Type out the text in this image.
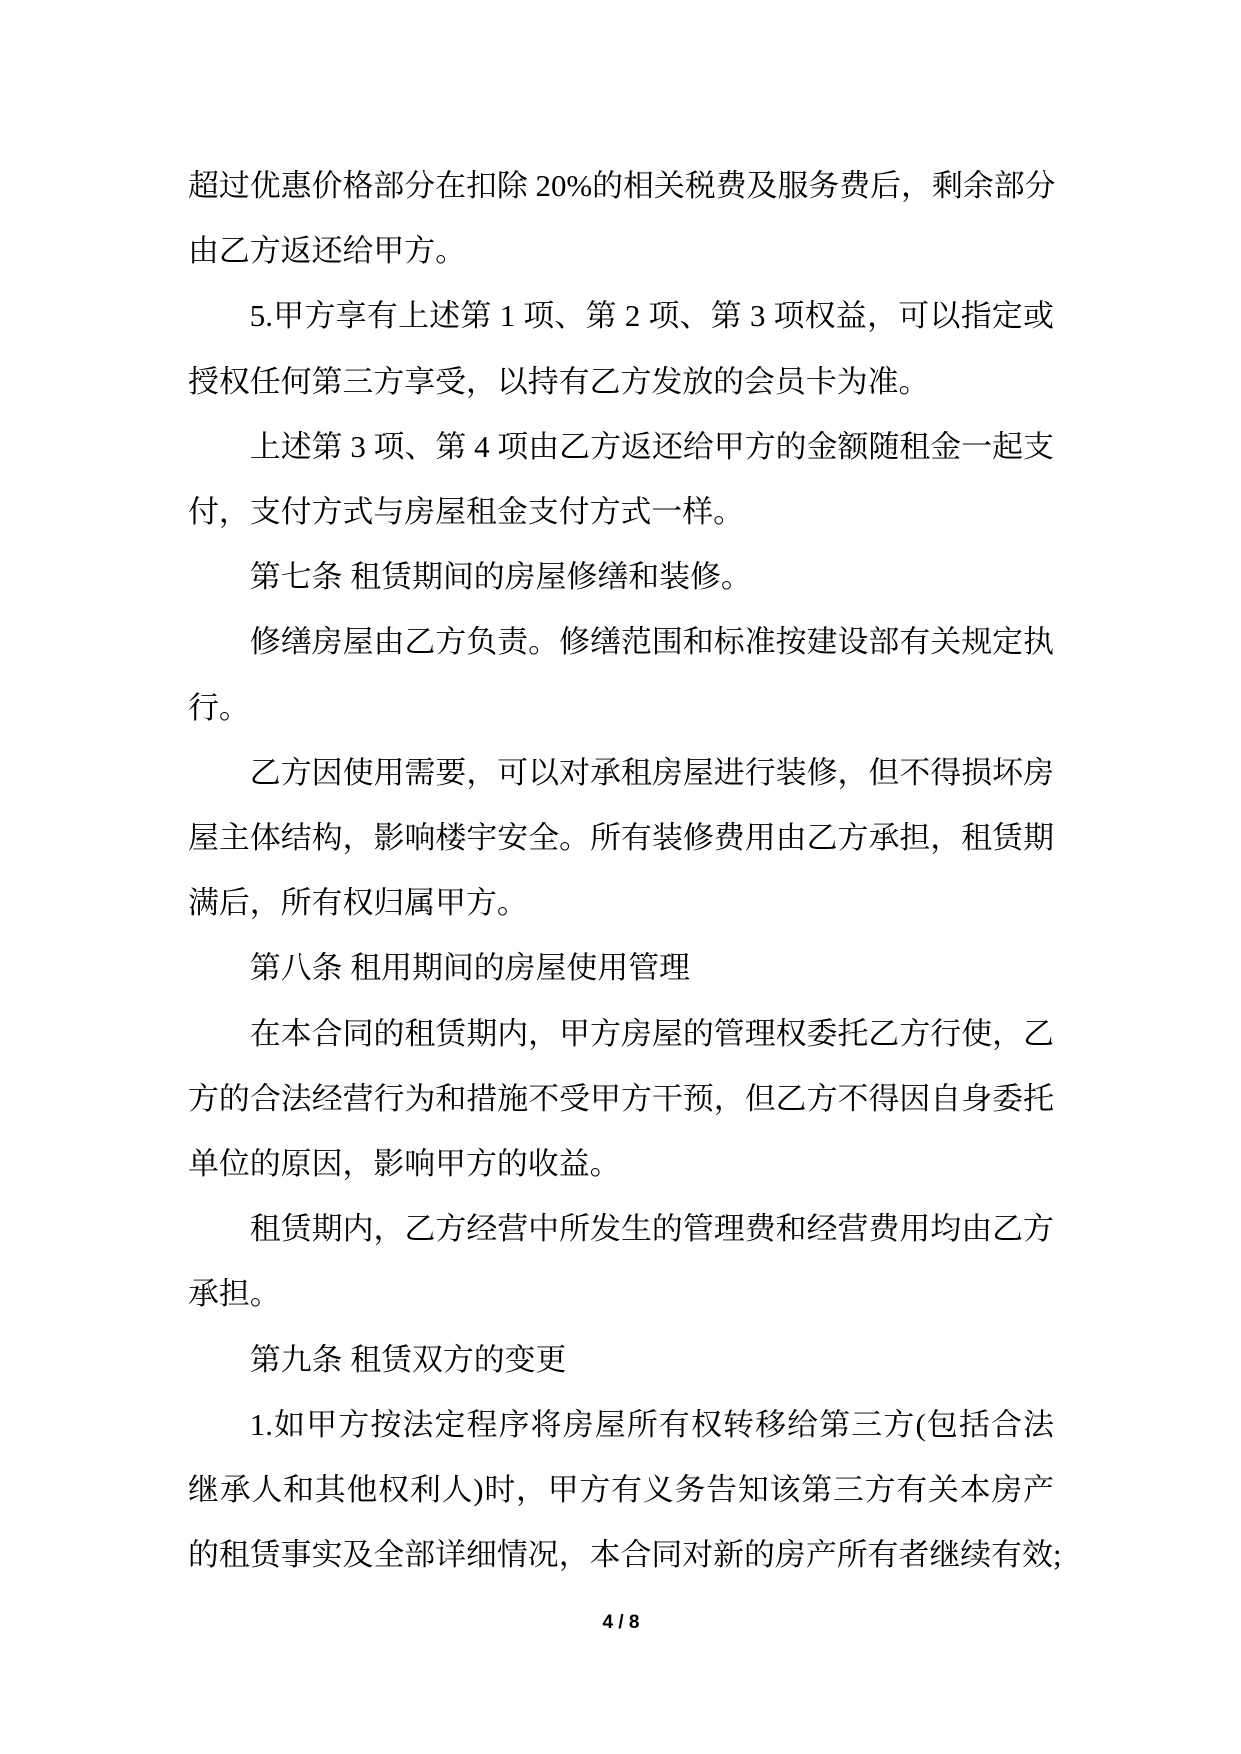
超过优惠价格部分在扣除 20%的相关税费及服务费后，剩余部分
由乙方返还给甲方。
5.甲方享有上述第 1 项、第 2 项、第 3 项权益，可以指定或
授权任何第三方享受，以持有乙方发放的会员卡为准。
上述第 3 项、第 4 项由乙方返还给甲方的金额随租金一起支
付，支付方式与房屋租金支付方式一样。
第七条 租赁期间的房屋修缮和装修。
修缮房屋由乙方负责。修缮范围和标准按建设部有关规定执
行。
乙方因使用需要，可以对承租房屋进行装修，但不得损坏房
屋主体结构，影响楼宇安全。所有装修费用由乙方承担，租赁期
满后，所有权归属甲方。
第八条 租用期间的房屋使用管理
在本合同的租赁期内，甲方房屋的管理权委托乙方行使，乙
方的合法经营行为和措施不受甲方干预，但乙方不得因自身委托
单位的原因，影响甲方的收益。
租赁期内，乙方经营中所发生的管理费和经营费用均由乙方
承担。
第九条 租赁双方的变更
1.如甲方按法定程序将房屋所有权转移给第三方(包括合法
继承人和其他权利人)时，甲方有义务告知该第三方有关本房产
的租赁事实及全部详细情况，本合同对新的房产所有者继续有效;
4 / 8
